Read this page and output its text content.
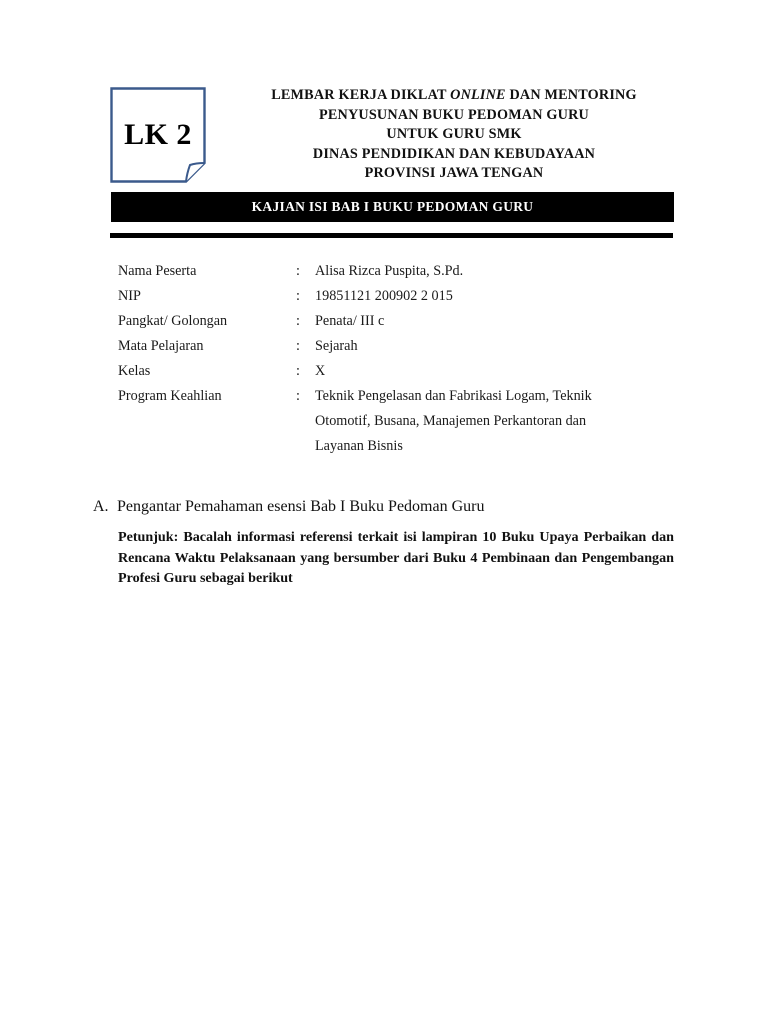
LK 2
LEMBAR KERJA DIKLAT ONLINE DAN MENTORING
PENYUSUNAN BUKU PEDOMAN GURU
UNTUK GURU SMK
DINAS PENDIDIKAN DAN KEBUDAYAAN
PROVINSI JAWA TENGAN
KAJIAN ISI BAB I BUKU PEDOMAN GURU
Nama Peserta	:	Alisa Rizca Puspita, S.Pd.
NIP	:	19851121 200902 2 015
Pangkat/ Golongan	:	Penata/ III c
Mata Pelajaran	:	Sejarah
Kelas	:	X
Program Keahlian	:	Teknik Pengelasan dan Fabrikasi Logam, Teknik
Otomotif, Busana, Manajemen Perkantoran dan
Layanan Bisnis
A. Pengantar Pemahaman esensi Bab I Buku Pedoman Guru
Petunjuk: Bacalah informasi referensi terkait isi lampiran 10 Buku Upaya Perbaikan dan Rencana Waktu Pelaksanaan yang bersumber dari Buku 4 Pembinaan dan Pengembangan Profesi Guru sebagai berikut
